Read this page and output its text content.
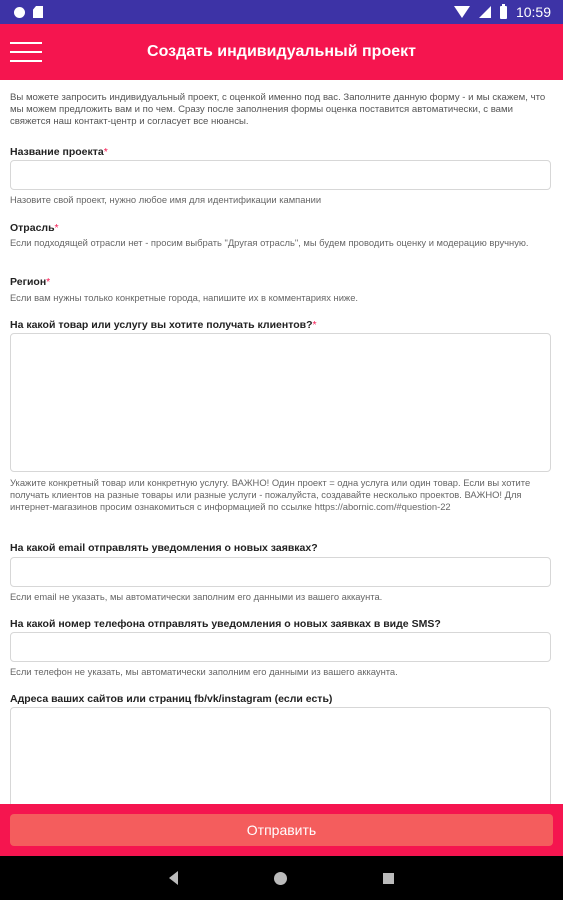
10:59
Создать индивидуальный проект
Вы можете запросить индивидуальный проект, с оценкой именно под вас. Заполните данную форму - и мы скажем, что мы можем предложить вам и по чем. Сразу после заполнения формы оценка поставится автоматически, с вами свяжется наш контакт-центр и согласует все нюансы.
Название проекта*
Назовите свой проект, нужно любое имя для идентификации кампании
Отрасль*
Если подходящей отрасли нет - просим выбрать "Другая отрасль", мы будем проводить оценку и модерацию вручную.
Регион*
Если вам нужны только конкретные города, напишите их в комментариях ниже.
На какой товар или услугу вы хотите получать клиентов?*
Укажите конкретный товар или конкретную услугу. ВАЖНО! Один проект = одна услуга или один товар. Если вы хотите получать клиентов на разные товары или разные услуги - пожалуйста, создавайте несколько проектов. ВАЖНО! Для интернет-магазинов просим ознакомиться с информацией по ссылке https://abornic.com/#question-22
На какой email отправлять уведомления о новых заявках?
Если email не указать, мы автоматически заполним его данными из вашего аккаунта.
На какой номер телефона отправлять уведомления о новых заявках в виде SMS?
Если телефон не указать, мы автоматически заполним его данными из вашего аккаунта.
Адреса ваших сайтов или страниц fb/vk/instagram (если есть)
Отправить
